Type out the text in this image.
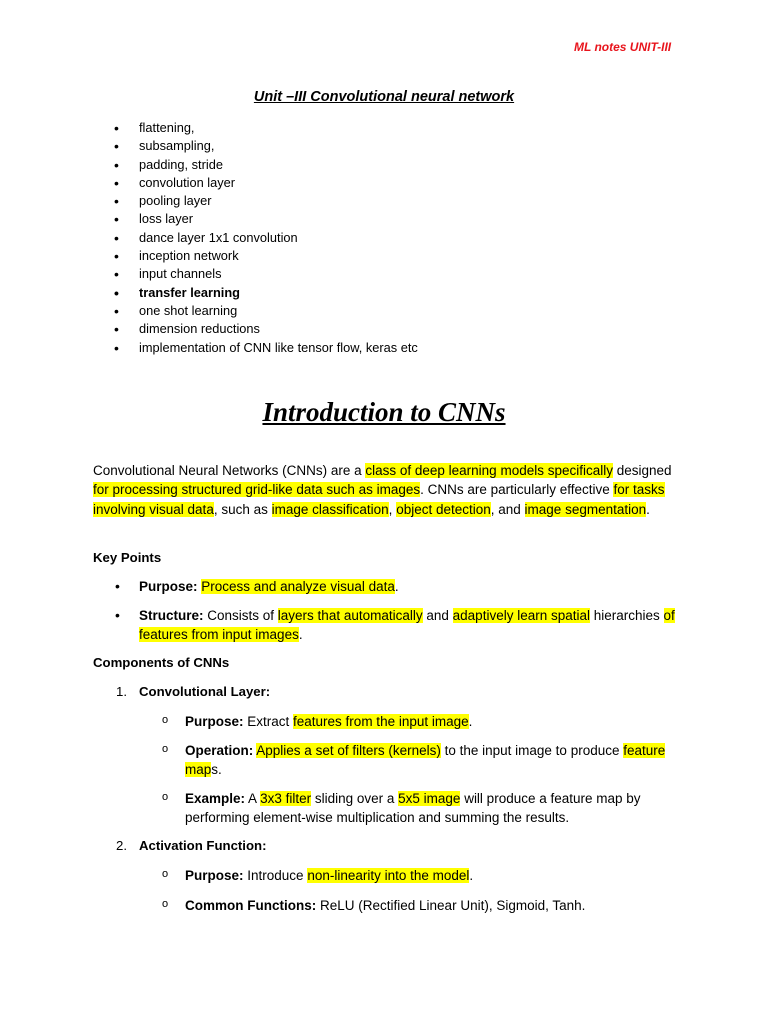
ML notes UNIT-III
Unit –III Convolutional neural network
• flattening,
• subsampling,
• padding, stride
• convolution layer
• pooling layer
• loss layer
• dance layer 1x1 convolution
• inception network
• input channels
• transfer learning
• one shot learning
• dimension reductions
• implementation of CNN like tensor flow, keras etc
Introduction to CNNs

Convolutional Neural Networks (CNNs) are a class of deep learning models specifically designed for processing structured grid-like data such as images. CNNs are particularly effective for tasks involving visual data, such as image classification, object detection, and image segmentation.

Key Points

• Purpose: Process and analyze visual data.

• Structure: Consists of layers that automatically and adaptively learn spatial hierarchies of features from input images.

Components of CNNs

1. Convolutional Layer:

o Purpose: Extract features from the input image.

o Operation: Applies a set of filters (kernels) to the input image to produce feature maps.

o Example: A 3x3 filter sliding over a 5x5 image will produce a feature map by performing element-wise multiplication and summing the results.

2. Activation Function:

o Purpose: Introduce non-linearity into the model.

o Common Functions: ReLU (Rectified Linear Unit), Sigmoid, Tanh.
